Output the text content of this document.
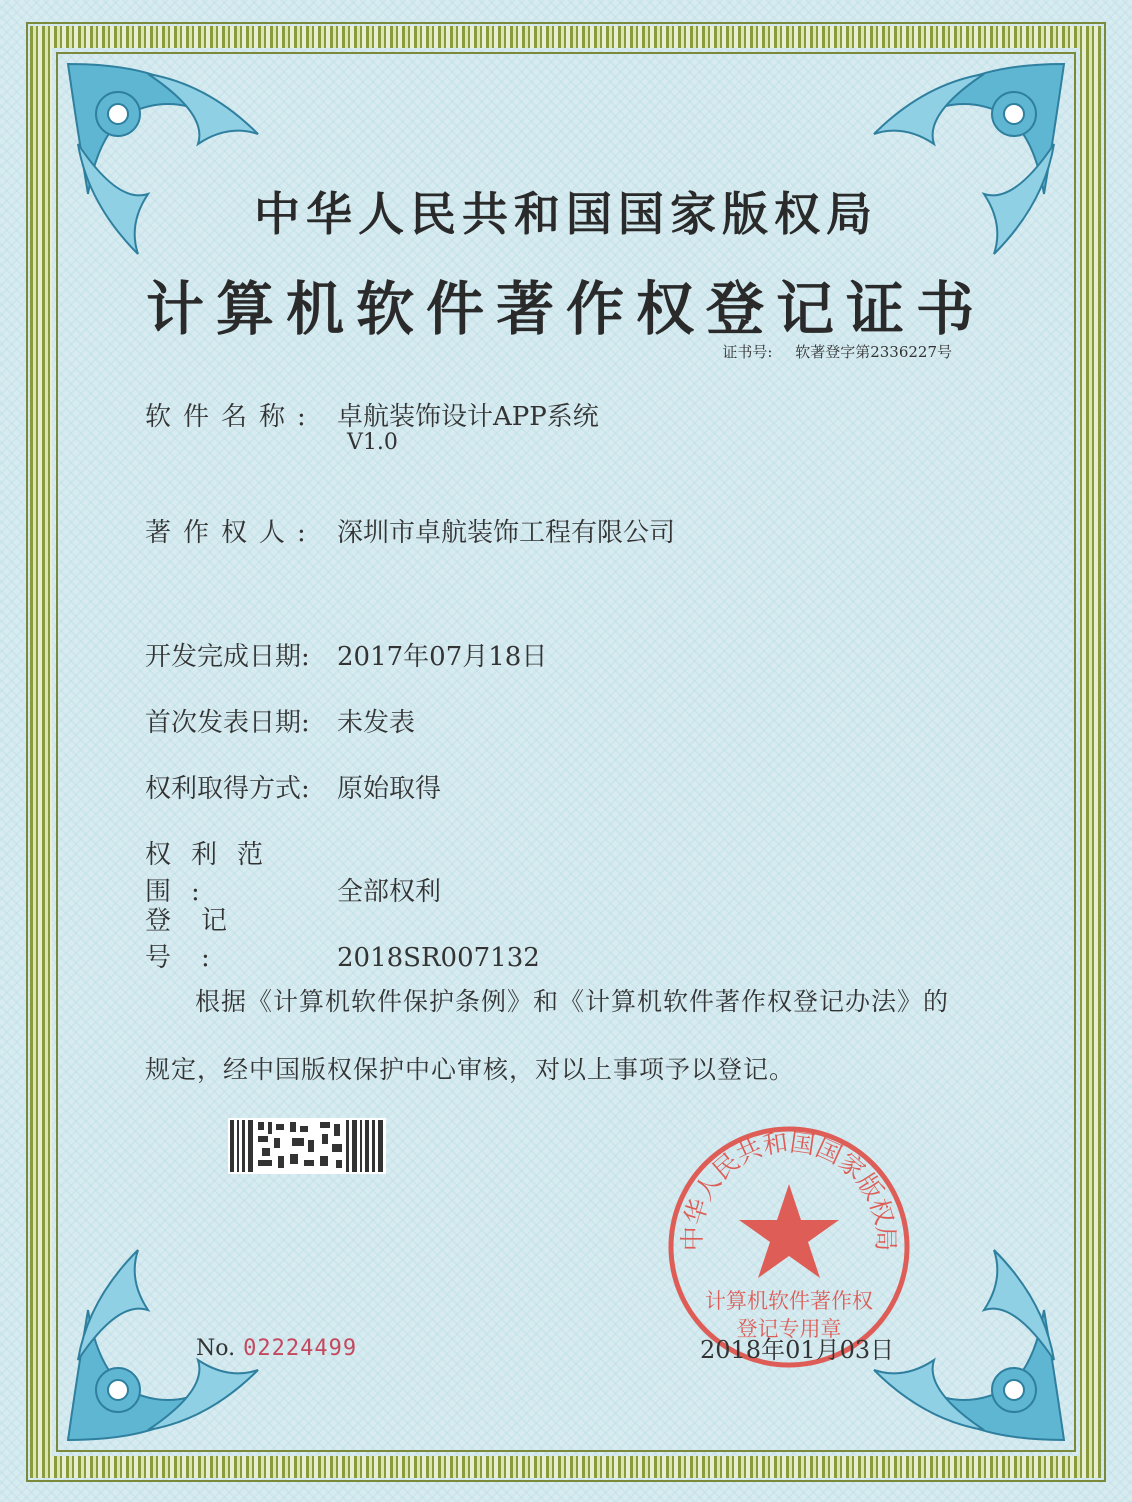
中华人民共和国国家版权局
计算机软件著作权登记证书
证书号: 软著登字第2336227号
软件名称: 卓航装饰设计APP系统
V1.0
著作权人: 深圳市卓航装饰工程有限公司
开发完成日期: 2017年07月18日
首次发表日期: 未发表
权利取得方式: 原始取得
权利范围:	全部权利
登记号:	2018SR007132
根据《计算机软件保护条例》和《计算机软件著作权登记办法》的
规定，经中国版权保护中心审核，对以上事项予以登记。
中华人民共和国国家版权局
计算机软件著作权
登记专用章
No. 02224499	2018年01月03日
